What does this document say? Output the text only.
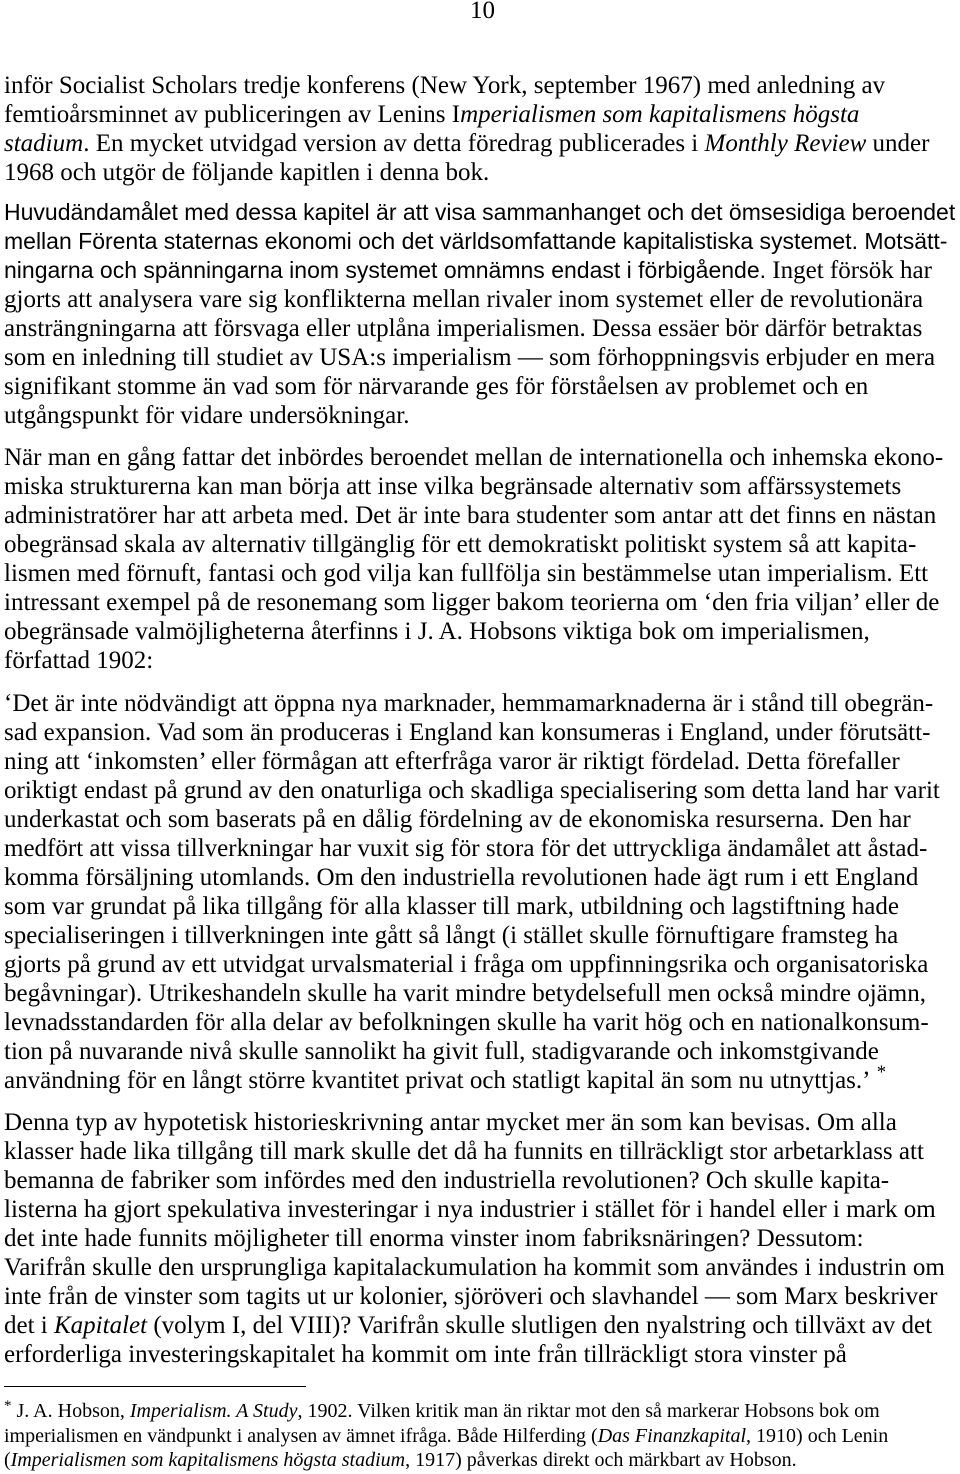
10
inför Socialist Scholars tredje konferens (New York, september 1967) med anledning av
femtioårsminnet av publiceringen av Lenins Imperialismen som kapitalismens högsta
stadium. En mycket utvidgad version av detta föredrag publicerades i Monthly Review under
1968 och utgör de följande kapitlen i denna bok.
Huvudändamålet med dessa kapitel är att visa sammanhanget och det ömsesidiga beroendet
mellan Förenta staternas ekonomi och det världsomfattande kapitalistiska systemet. Motsätt-
ningarna och spänningarna inom systemet omnämns endast i förbigående. Inget försök har
gjorts att analysera vare sig konflikterna mellan rivaler inom systemet eller de revolutionära
ansträngningarna att försvaga eller utplåna imperialismen. Dessa essäer bör därför betraktas
som en inledning till studiet av USA:s imperialism — som förhoppningsvis erbjuder en mera
signifikant stomme än vad som för närvarande ges för förståelsen av problemet och en
utgångspunkt för vidare undersökningar.
När man en gång fattar det inbördes beroendet mellan de internationella och inhemska ekono-
miska strukturerna kan man börja att inse vilka begränsade alternativ som affärssystemets
administratörer har att arbeta med. Det är inte bara studenter som antar att det finns en nästan
obegränsad skala av alternativ tillgänglig för ett demokratiskt politiskt system så att kapita-
lismen med förnuft, fantasi och god vilja kan fullfölja sin bestämmelse utan imperialism. Ett
intressant exempel på de resonemang som ligger bakom teorierna om ‘den fria viljan’ eller de
obegränsade valmöjligheterna återfinns i J. A. Hobsons viktiga bok om imperialismen,
författad 1902:
‘Det är inte nödvändigt att öppna nya marknader, hemmamarknaderna är i stånd till obegrän-
sad expansion. Vad som än produceras i England kan konsumeras i England, under förutsätt-
ning att ‘inkomsten’ eller förmågan att efterfråga varor är riktigt fördelad. Detta förefaller
oriktigt endast på grund av den onaturliga och skadliga specialisering som detta land har varit
underkastat och som baserats på en dålig fördelning av de ekonomiska resurserna. Den har
medfört att vissa tillverkningar har vuxit sig för stora för det uttryckliga ändamålet att åstad-
komma försäljning utomlands. Om den industriella revolutionen hade ägt rum i ett England
som var grundat på lika tillgång för alla klasser till mark, utbildning och lagstiftning hade
specialiseringen i tillverkningen inte gått så långt (i stället skulle förnuftigare framsteg ha
gjorts på grund av ett utvidgat urvalsmaterial i fråga om uppfinningsrika och organisatoriska
begåvningar). Utrikeshandeln skulle ha varit mindre betydelsefull men också mindre ojämn,
levnadsstandarden för alla delar av befolkningen skulle ha varit hög och en nationalkonsum-
tion på nuvarande nivå skulle sannolikt ha givit full, stadigvarande och inkomstgivande
användning för en långt större kvantitet privat och statligt kapital än som nu utnyttjas.’ *
Denna typ av hypotetisk historieskrivning antar mycket mer än som kan bevisas. Om alla
klasser hade lika tillgång till mark skulle det då ha funnits en tillräckligt stor arbetarklass att
bemanna de fabriker som infördes med den industriella revolutionen? Och skulle kapita-
listerna ha gjort spekulativa investeringar i nya industrier i stället för i handel eller i mark om
det inte hade funnits möjligheter till enorma vinster inom fabriksnäringen? Dessutom:
Varifrån skulle den ursprungliga kapitalackumulation ha kommit som användes i industrin om
inte från de vinster som tagits ut ur kolonier, sjöröveri och slavhandel — som Marx beskriver
det i Kapitalet (volym I, del VIII)? Varifrån skulle slutligen den nyalstring och tillväxt av det
erforderliga investeringskapitalet ha kommit om inte från tillräckligt stora vinster på
* J. A. Hobson, Imperialism. A Study, 1902. Vilken kritik man än riktar mot den så markerar Hobsons bok om
imperialismen en vändpunkt i analysen av ämnet ifråga. Både Hilferding (Das Finanzkapital, 1910) och Lenin
(Imperialismen som kapitalismens högsta stadium, 1917) påverkas direkt och märkbart av Hobson.
